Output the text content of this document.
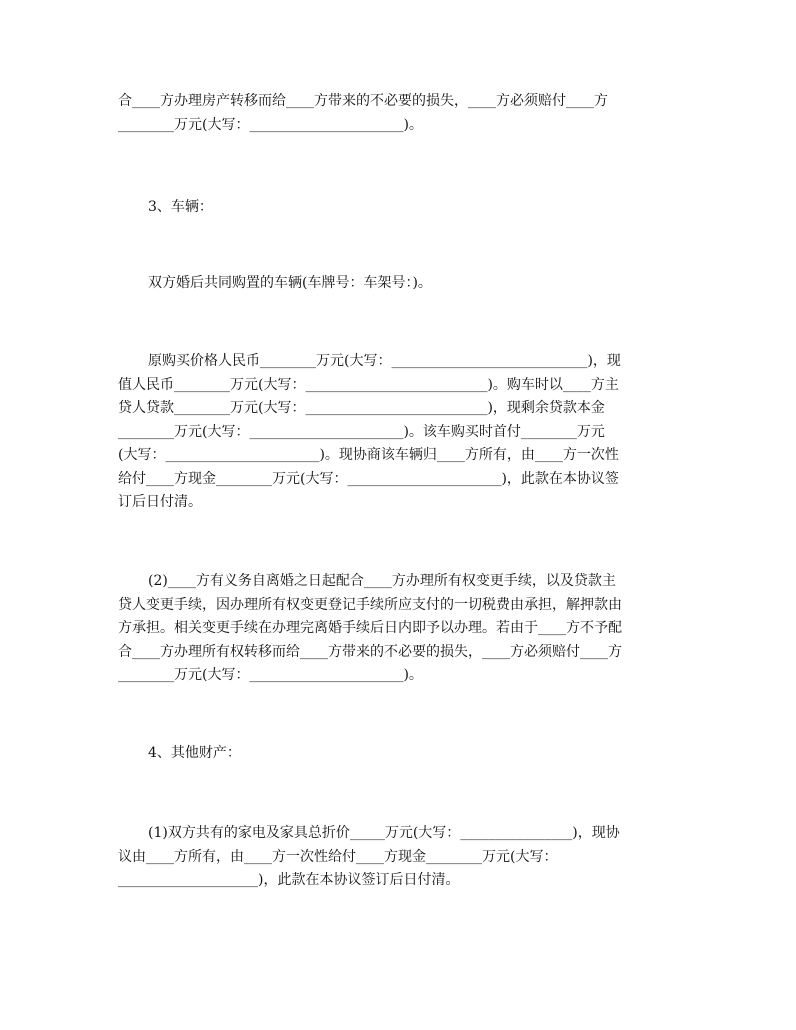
合____方办理房产转移而给____方带来的不必要的损失，____方必须赔付____方
________万元(大写：______________________)。
3、车辆：
双方婚后共同购置的车辆(车牌号：车架号：)。
原购买价格人民币________万元(大写：____________________________)，现
值人民币________万元(大写：__________________________)。购车时以____方主
贷人贷款________万元(大写：__________________________)，现剩余贷款本金
________万元(大写：______________________)。该车购买时首付________万元
(大写：______________________)。现协商该车辆归____方所有，由____方一次性
给付____方现金________万元(大写：______________________)，此款在本协议签
订后日付清。
(2)____方有义务自离婚之日起配合____方办理所有权变更手续，以及贷款主
贷人变更手续，因办理所有权变更登记手续所应支付的一切税费由承担，解押款由
方承担。相关变更手续在办理完离婚手续后日内即予以办理。若由于____方不予配
合____方办理所有权转移而给____方带来的不必要的损失，____方必须赔付____方
________万元(大写：______________________)。
4、其他财产：
(1)双方共有的家电及家具总折价_____万元(大写：________________)，现协
议由____方所有，由____方一次性给付____方现金________万元(大写：
____________________)，此款在本协议签订后日付清。
